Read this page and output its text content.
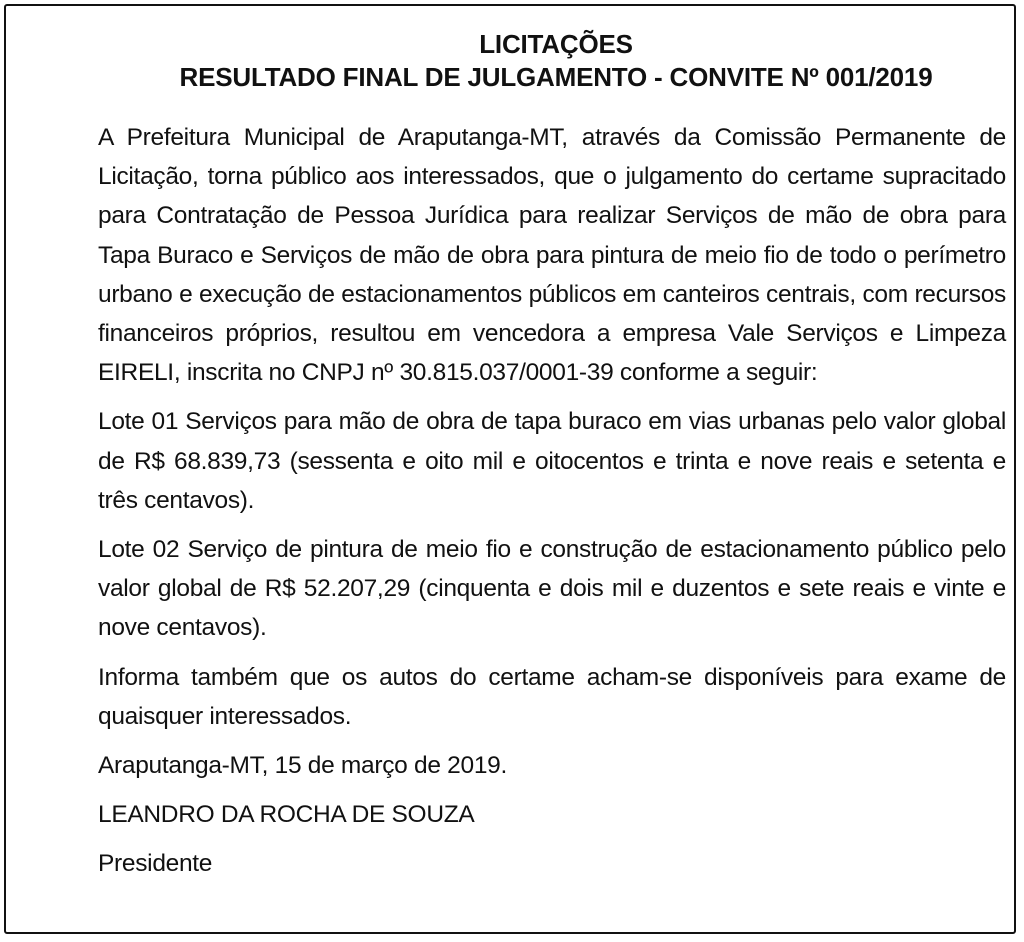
LICITAÇÕES
RESULTADO FINAL DE JULGAMENTO - CONVITE Nº 001/2019

A Prefeitura Municipal de Araputanga-MT, através da Comissão Permanente de Licitação, torna público aos interessados, que o julgamento do certame supracitado para Contratação de Pessoa Jurídica para realizar Serviços de mão de obra para Tapa Buraco e Serviços de mão de obra para pintura de meio fio de todo o perímetro urbano e execução de estacionamentos públicos em canteiros centrais, com recursos financeiros próprios, resultou em vencedora a empresa Vale Serviços e Limpeza EIRELI, inscrita no CNPJ nº 30.815.037/0001-39 conforme a seguir:

Lote 01 Serviços para mão de obra de tapa buraco em vias urbanas pelo valor global de R$ 68.839,73 (sessenta e oito mil e oitocentos e trinta e nove reais e setenta e três centavos).

Lote 02 Serviço de pintura de meio fio e construção de estacionamento público pelo valor global de R$ 52.207,29 (cinquenta e dois mil e duzentos e sete reais e vinte e nove centavos).

Informa também que os autos do certame acham-se disponíveis para exame de quaisquer interessados.

Araputanga-MT, 15 de março de 2019.

LEANDRO DA ROCHA DE SOUZA

Presidente
